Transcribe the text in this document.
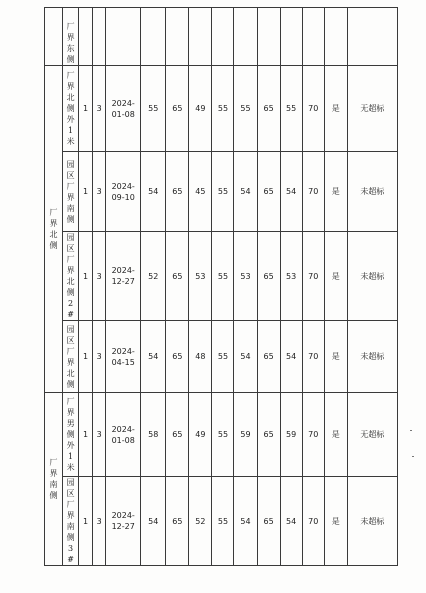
	厂界东侧													
厂界北侧	厂界北侧外1米	1	3	2024-01-08	55	65	49	55	55	65	55	70	是	无超标
	园区厂界南侧	1	3	2024-09-10	54	65	45	55	54	65	54	70	是	未超标
	园区厂界北侧2#	1	3	2024-12-27	52	65	53	55	53	65	53	70	是	未超标
	园区厂界北侧	1	3	2024-04-15	54	65	48	55	54	65	54	70	是	未超标
厂界南侧	厂界男侧外1米	1	3	2024-01-08	58	65	49	55	59	65	59	70	是	无超标
	园区厂界南侧3#	1	3	2024-12-27	54	65	52	55	54	65	54	70	是	未超标
